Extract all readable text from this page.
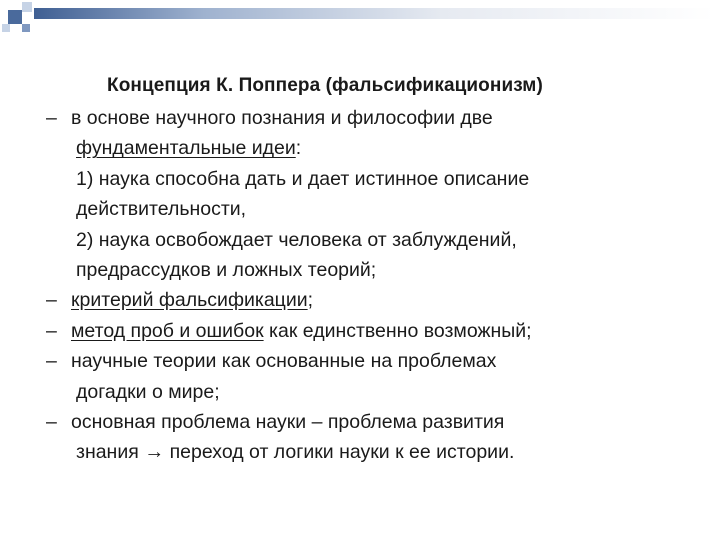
Концепция К. Поппера (фальсификационизм)
– в основе научного познания и философии две
фундаментальные идеи:
1) наука способна дать и дает истинное описание
действительности,
2) наука освобождает человека от заблуждений,
предрассудков и ложных теорий;
– критерий фальсификации;
– метод проб и ошибок как единственно возможный;
– научные теории как основанные на проблемах
догадки о мире;
– основная проблема науки – проблема развития
знания → переход от логики науки к ее истории.
